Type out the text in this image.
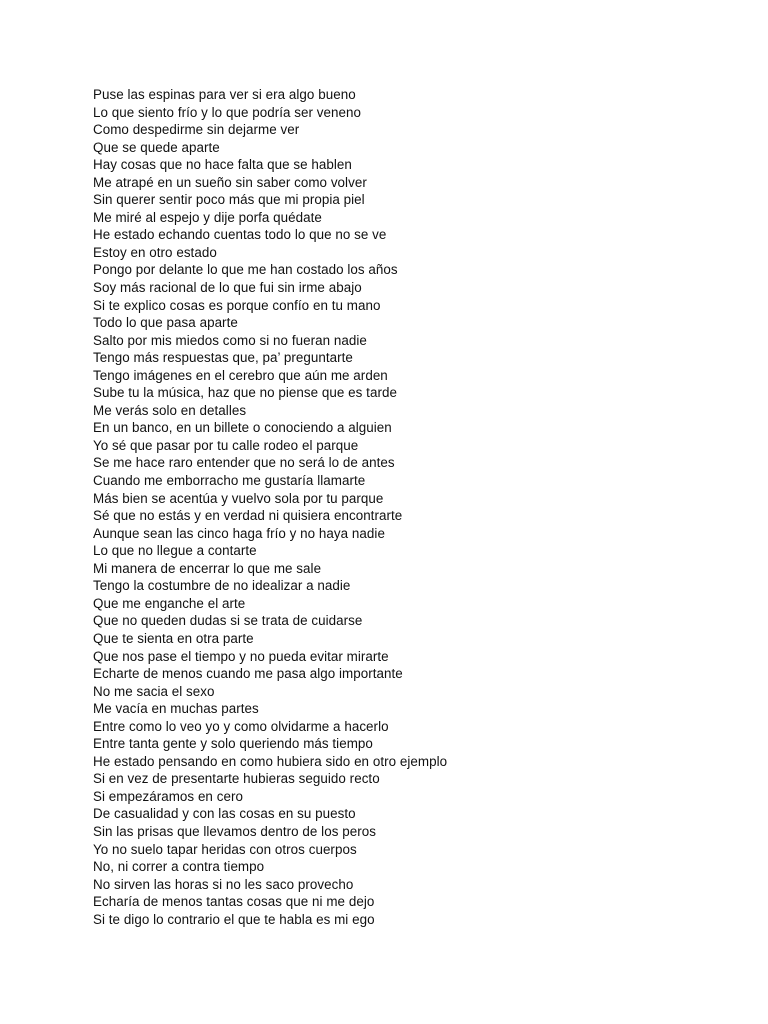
Puse las espinas para ver si era algo bueno
Lo que siento frío y lo que podría ser veneno
Como despedirme sin dejarme ver
Que se quede aparte
Hay cosas que no hace falta que se hablen
Me atrapé en un sueño sin saber como volver
Sin querer sentir poco más que mi propia piel
Me miré al espejo y dije porfa quédate
He estado echando cuentas todo lo que no se ve
Estoy en otro estado
Pongo por delante lo que me han costado los años
Soy más racional de lo que fui sin irme abajo
Si te explico cosas es porque confío en tu mano
Todo lo que pasa aparte
Salto por mis miedos como si no fueran nadie
Tengo más respuestas que, pa’ preguntarte
Tengo imágenes en el cerebro que aún me arden
Sube tu la música, haz que no piense que es tarde
Me verás solo en detalles
En un banco, en un billete o conociendo a alguien
Yo sé que pasar por tu calle rodeo el parque
Se me hace raro entender que no será lo de antes
Cuando me emborracho me gustaría llamarte
Más bien se acentúa y vuelvo sola por tu parque
Sé que no estás y en verdad ni quisiera encontrarte
Aunque sean las cinco haga frío y no haya nadie
Lo que no llegue a contarte
Mi manera de encerrar lo que me sale
Tengo la costumbre de no idealizar a nadie
Que me enganche el arte
Que no queden dudas si se trata de cuidarse
Que te sienta en otra parte
Que nos pase el tiempo y no pueda evitar mirarte
Echarte de menos cuando me pasa algo importante
No me sacia el sexo
Me vacía en muchas partes
Entre como lo veo yo y como olvidarme a hacerlo
Entre tanta gente y solo queriendo más tiempo
He estado pensando en como hubiera sido en otro ejemplo
Si en vez de presentarte hubieras seguido recto
Si empezáramos en cero
De casualidad y con las cosas en su puesto
Sin las prisas que llevamos dentro de los peros
Yo no suelo tapar heridas con otros cuerpos
No, ni correr a contra tiempo
No sirven las horas si no les saco provecho
Echaría de menos tantas cosas que ni me dejo
Si te digo lo contrario el que te habla es mi ego
